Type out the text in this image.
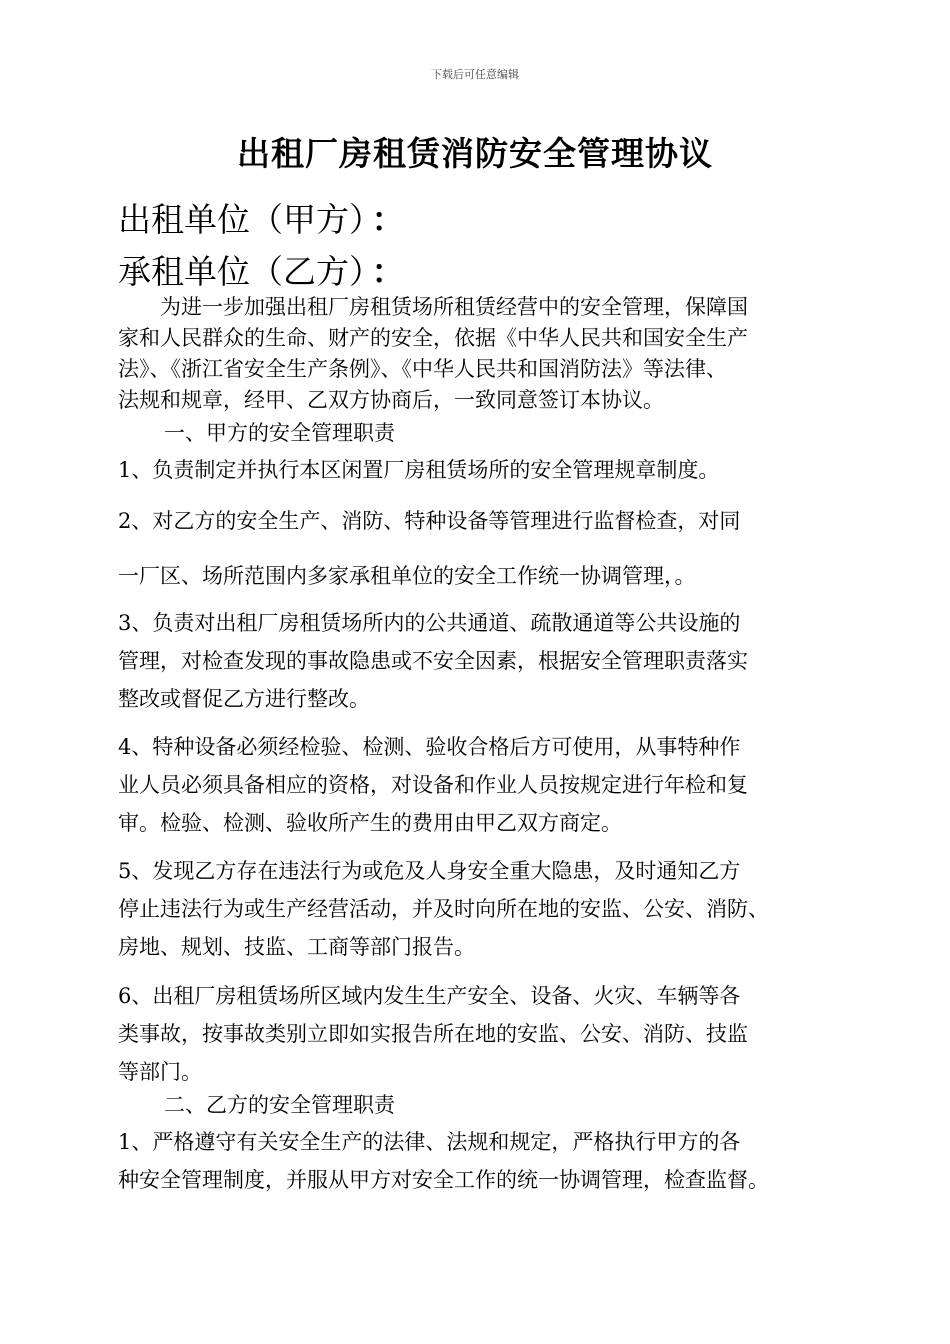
下载后可任意编辑
出租厂房租赁消防安全管理协议
出租单位（甲方） ：
承租单位（乙方） ：
为进一步加强出租厂房租赁场所租赁经营中的安全管理，保障国
家和人民群众的生命、财产的安全，依据《中华人民共和国安全生产
法》、《浙江省安全生产条例》、《中华人民共和国消防法》等法律、
法规和规章，经甲、乙双方协商后，一致同意签订本协议。
一、甲方的安全管理职责
1、负责制定并执行本区闲置厂房租赁场所的安全管理规章制度。
2、对乙方的安全生产、消防、特种设备等管理进行监督检查，对同
一厂区、场所范围内多家承租单位的安全工作统一协调管理，。
3、负责对出租厂房租赁场所内的公共通道、疏散通道等公共设施的
管理，对检查发现的事故隐患或不安全因素，根据安全管理职责落实
整改或督促乙方进行整改。
4、特种设备必须经检验、检测、验收合格后方可使用，从事特种作
业人员必须具备相应的资格，对设备和作业人员按规定进行年检和复
审。检验、检测、验收所产生的费用由甲乙双方商定。
5、发现乙方存在违法行为或危及人身安全重大隐患，及时通知乙方
停止违法行为或生产经营活动，并及时向所在地的安监、公安、消防、
房地、规划、技监、工商等部门报告。
6、出租厂房租赁场所区域内发生生产安全、设备、火灾、车辆等各
类事故，按事故类别立即如实报告所在地的安监、公安、消防、技监
等部门。
二、乙方的安全管理职责
1、严格遵守有关安全生产的法律、法规和规定，严格执行甲方的各
种安全管理制度，并服从甲方对安全工作的统一协调管理，检查监督。
